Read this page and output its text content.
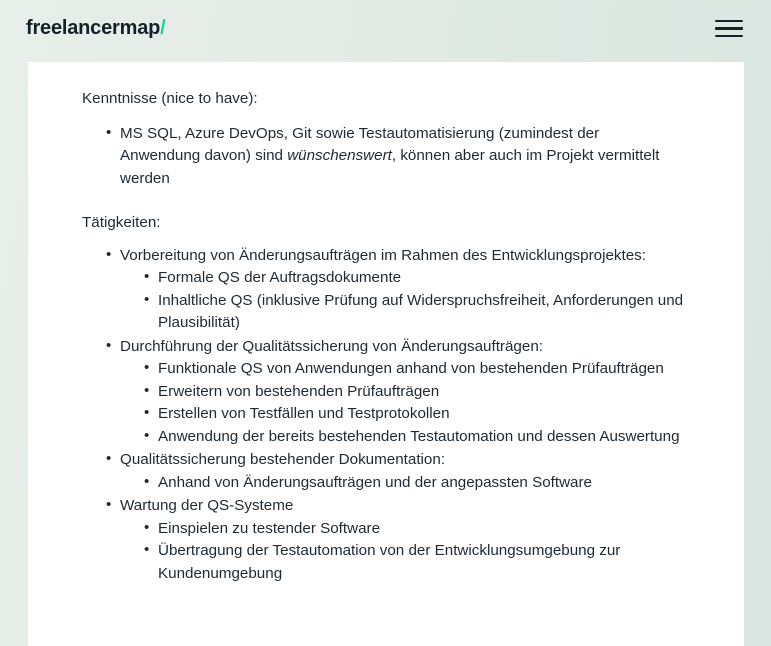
freelancermap/

Kenntnisse (nice to have):

• MS SQL, Azure DevOps, Git sowie Testautomatisierung (zumindest der Anwendung davon) sind wünschenswert, können aber auch im Projekt vermittelt werden

Tätigkeiten:

• Vorbereitung von Änderungsaufträgen im Rahmen des Entwicklungsprojektes:
• Formale QS der Auftragsdokumente
• Inhaltliche QS (inklusive Prüfung auf Widerspruchsfreiheit, Anforderungen und Plausibilität)
• Durchführung der Qualitätssicherung von Änderungsaufträgen:
• Funktionale QS von Anwendungen anhand von bestehenden Prüfaufträgen
• Erweitern von bestehenden Prüfaufträgen
• Erstellen von Testfällen und Testprotokollen
• Anwendung der bereits bestehenden Testautomation und dessen Auswertung
• Qualitätssicherung bestehender Dokumentation:
• Anhand von Änderungsaufträgen und der angepassten Software
• Wartung der QS-Systeme
• Einspielen zu testender Software
• Übertragung der Testautomation von der Entwicklungsumgebung zur Kundenumgebung
